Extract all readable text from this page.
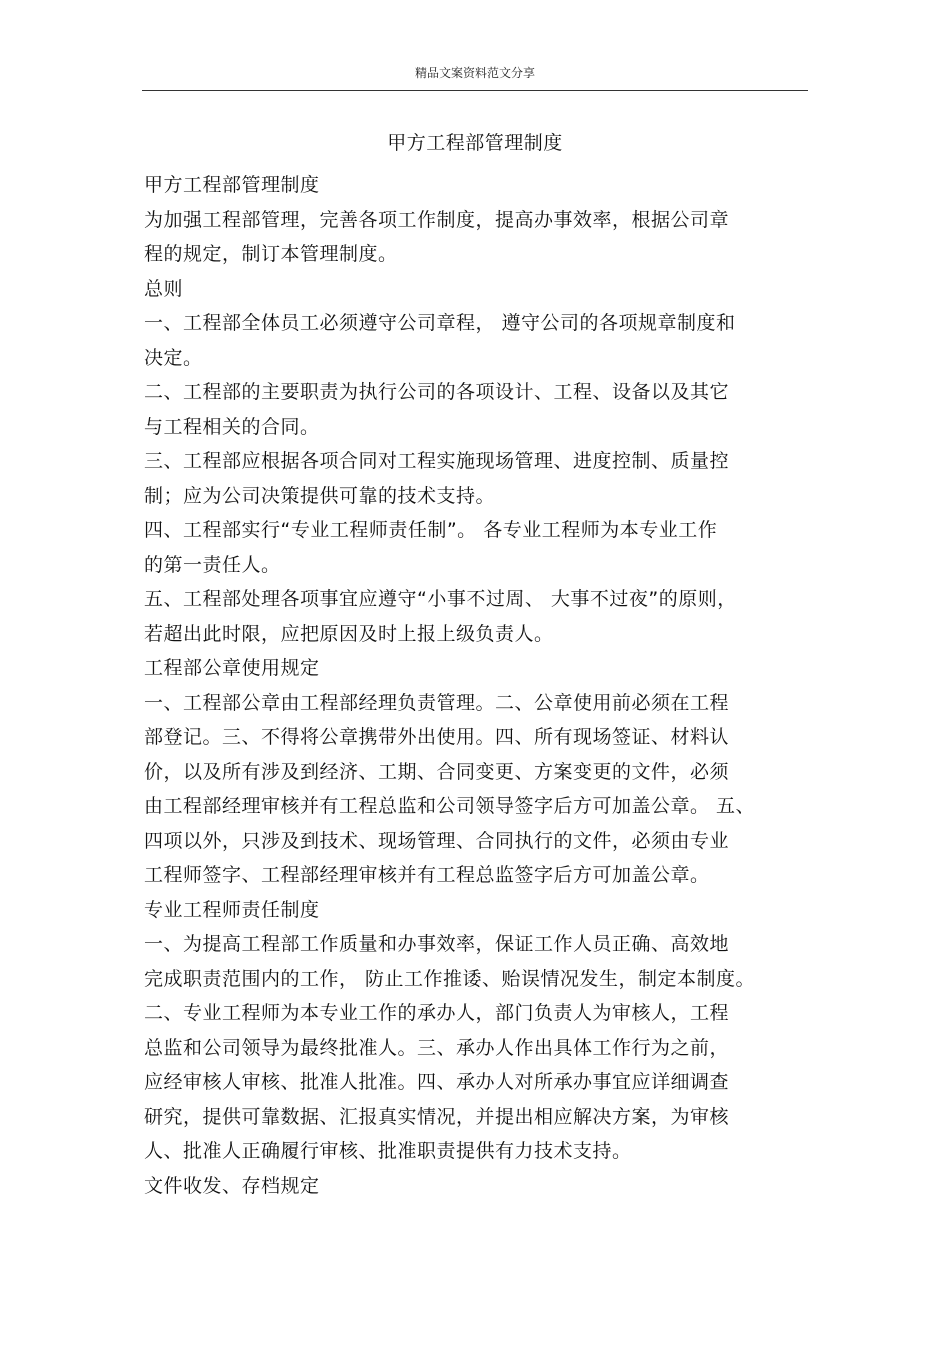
精品文案资料范文分享
甲方工程部管理制度
甲方工程部管理制度
为加强工程部管理，完善各项工作制度，提高办事效率，根据公司章
程的规定，制订本管理制度。
总则
一、工程部全体员工必须遵守公司章程， 遵守公司的各项规章制度和
决定。
二、工程部的主要职责为执行公司的各项设计、工程、设备以及其它
与工程相关的合同。
三、工程部应根据各项合同对工程实施现场管理、进度控制、质量控
制；应为公司决策提供可靠的技术支持。
四、工程部实行“专业工程师责任制”。 各专业工程师为本专业工作
的第一责任人。
五、工程部处理各项事宜应遵守“小事不过周、 大事不过夜”的原则，
若超出此时限，应把原因及时上报上级负责人。
工程部公章使用规定
一、工程部公章由工程部经理负责管理。二、公章使用前必须在工程
部登记。三、不得将公章携带外出使用。四、所有现场签证、材料认
价，以及所有涉及到经济、工期、合同变更、方案变更的文件，必须
由工程部经理审核并有工程总监和公司领导签字后方可加盖公章。 五、
四项以外，只涉及到技术、现场管理、合同执行的文件，必须由专业
工程师签字、工程部经理审核并有工程总监签字后方可加盖公章。
专业工程师责任制度
一、为提高工程部工作质量和办事效率，保证工作人员正确、高效地
完成职责范围内的工作， 防止工作推诿、贻误情况发生，制定本制度。
二、专业工程师为本专业工作的承办人，部门负责人为审核人，工程
总监和公司领导为最终批准人。三、承办人作出具体工作行为之前，
应经审核人审核、批准人批准。四、承办人对所承办事宜应详细调查
研究，提供可靠数据、汇报真实情况，并提出相应解决方案，为审核
人、批准人正确履行审核、批准职责提供有力技术支持。
文件收发、存档规定
